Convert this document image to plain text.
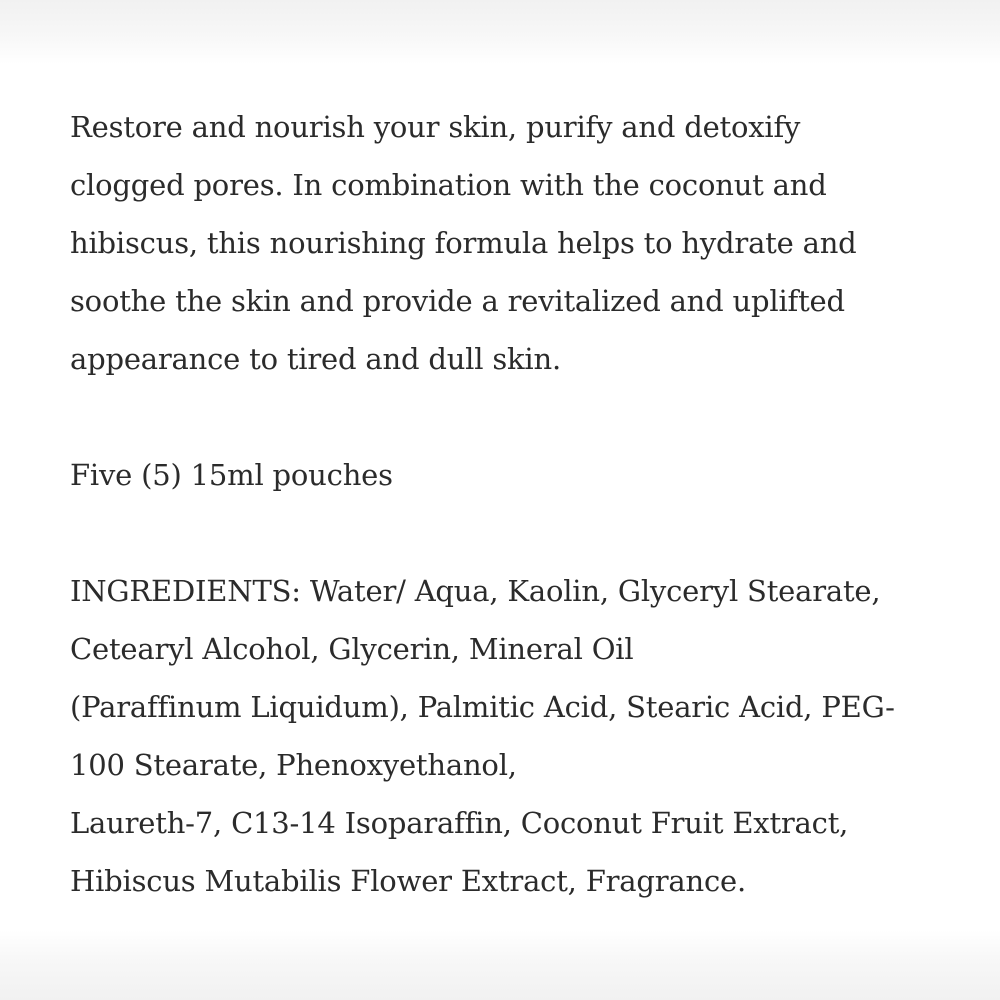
Restore and nourish your skin, purify and detoxify
clogged pores. In combination with the coconut and
hibiscus, this nourishing formula helps to hydrate and
soothe the skin and provide a revitalized and uplifted
appearance to tired and dull skin.

Five (5) 15ml pouches

INGREDIENTS: Water/ Aqua, Kaolin, Glyceryl Stearate,
Cetearyl Alcohol, Glycerin, Mineral Oil
(Paraffinum Liquidum), Palmitic Acid, Stearic Acid, PEG-
100 Stearate, Phenoxyethanol,
Laureth-7, C13-14 Isoparaffin, Coconut Fruit Extract,
Hibiscus Mutabilis Flower Extract, Fragrance.
